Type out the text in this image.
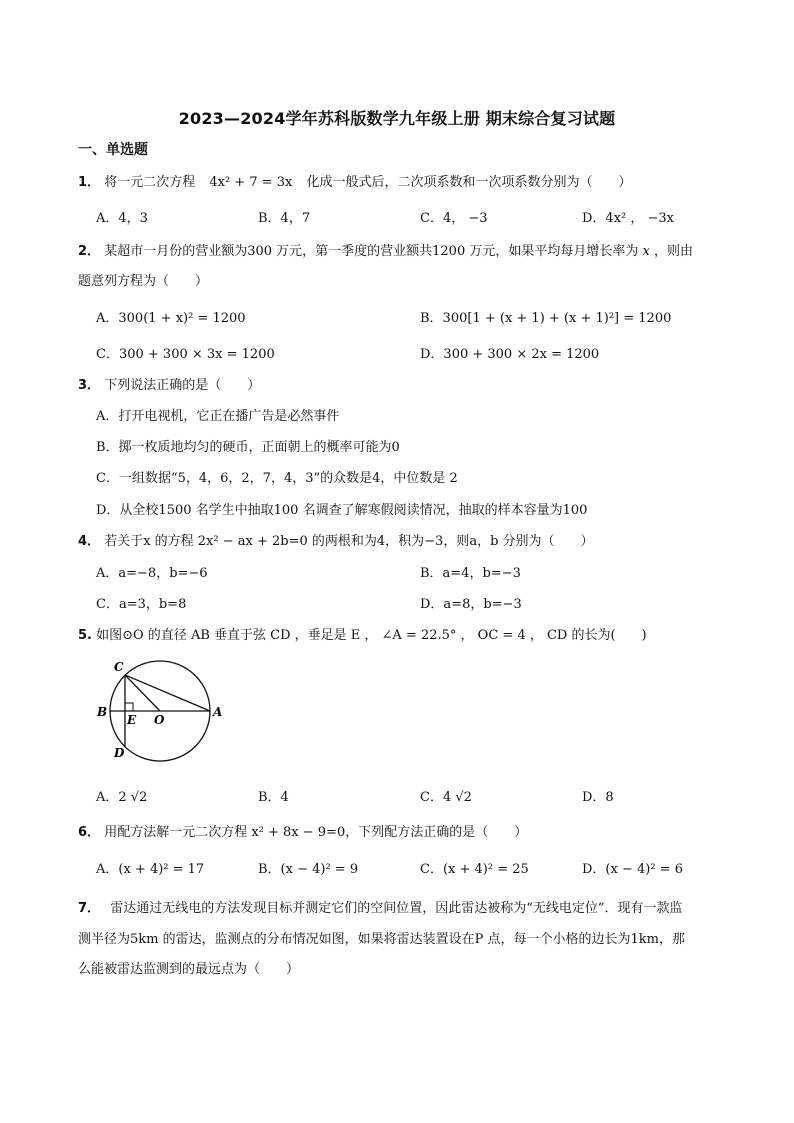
2023—2024学年苏科版数学九年级上册 期末综合复习试题
一、单选题
1． 将一元二次方程 4x² + 7 = 3x 化成一般式后，二次项系数和一次项系数分别为（　　）
A．4，3	B．4，7	C．4， −3	D．4x² ， −3x
2． 某超市一月份的营业额为300 万元，第一季度的营业额共1200 万元，如果平均每月增长率为 x ，则由
题意列方程为（　　）
A．300(1 + x)² = 1200	B．300[1 + (x + 1) + (x + 1)²] = 1200
C．300 + 300 × 3x = 1200	D．300 + 300 × 2x = 1200
3． 下列说法正确的是（　　）
A．打开电视机，它正在播广告是必然事件
B．掷一枚质地均匀的硬币，正面朝上的概率可能为0
C．一组数据“5，4，6，2，7，4，3”的众数是4，中位数是 2
D．从全校1500 名学生中抽取100 名调查了解寒假阅读情况，抽取的样本容量为100
4． 若关于x 的方程 2x² − ax + 2b=0 的两根和为4，积为−3，则a，b 分别为（　　）
A．a=−8，b=−6	B．a=4，b=−3
C．a=3，b=8	D．a=8，b=−3
5. 如图⊙O 的直径 AB 垂直于弦 CD ，垂足是 E ， ∠A = 22.5° ， OC = 4 ， CD 的长为(　　)
C
B
E O
A
D
A．2 √2	B．4	C．4 √2	D．8
6． 用配方法解一元二次方程 x² + 8x − 9=0，下列配方法正确的是（　　）
A．(x + 4)² = 17	B．(x − 4)² = 9	C．(x + 4)² = 25	D．(x − 4)² = 6
7． 雷达通过无线电的方法发现目标并测定它们的空间位置，因此雷达被称为“无线电定位”．现有一款监
测半径为5km 的雷达，监测点的分布情况如图，如果将雷达装置设在P 点，每一个小格的边长为1km，那
么能被雷达监测到的最远点为（　　）
